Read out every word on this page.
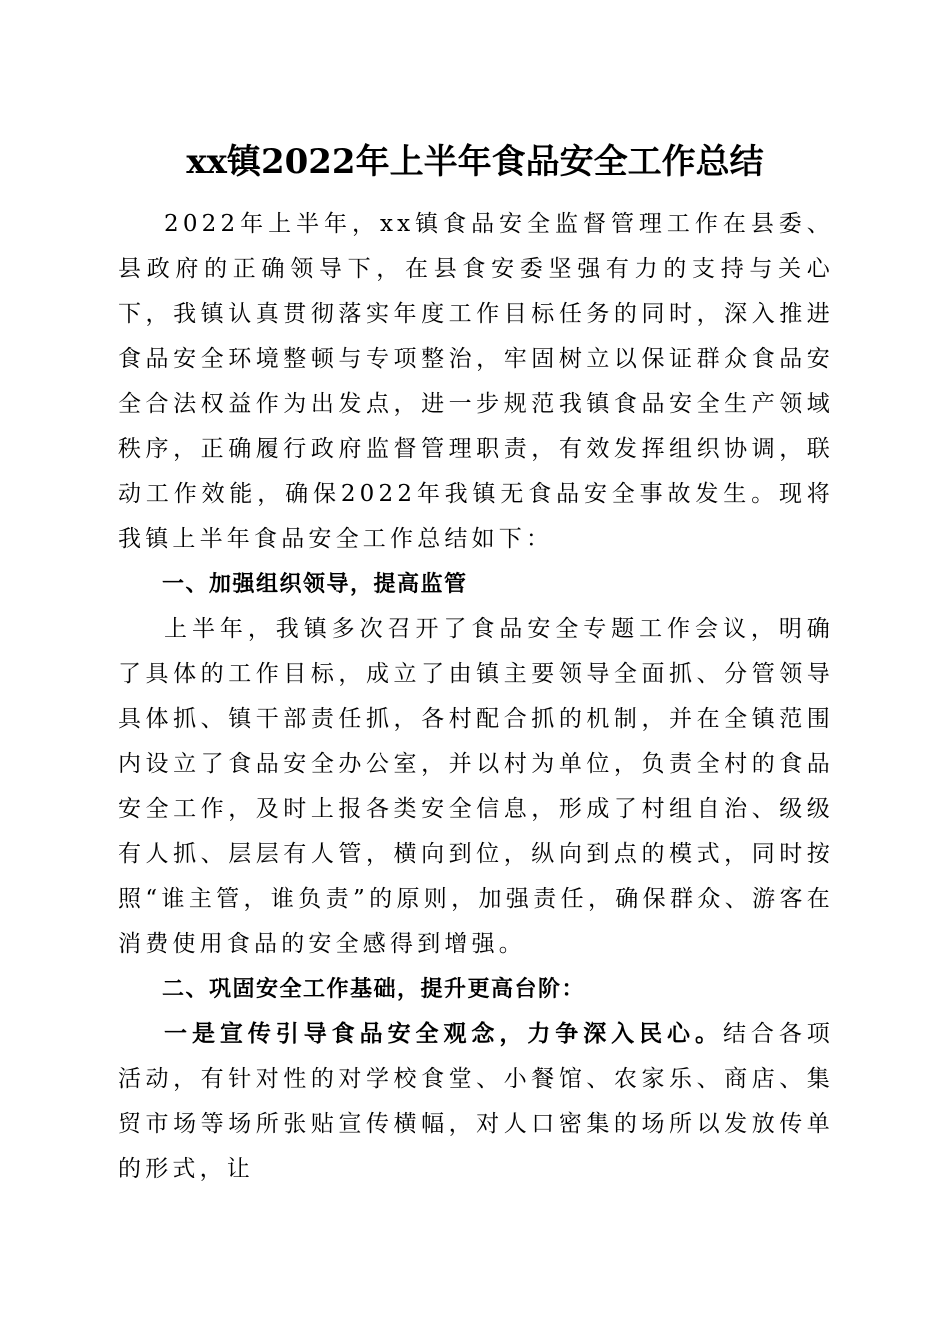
xx镇2022年上半年食品安全工作总结

2022年上半年，xx镇食品安全监督管理工作在县委、县政府的正确领导下，在县食安委坚强有力的支持与关心下，我镇认真贯彻落实年度工作目标任务的同时，深入推进食品安全环境整顿与专项整治，牢固树立以保证群众食品安全合法权益作为出发点，进一步规范我镇食品安全生产领域秩序，正确履行政府监督管理职责，有效发挥组织协调，联动工作效能，确保2022年我镇无食品安全事故发生。现将我镇上半年食品安全工作总结如下：

一、加强组织领导，提高监管

上半年，我镇多次召开了食品安全专题工作会议，明确了具体的工作目标，成立了由镇主要领导全面抓、分管领导具体抓、镇干部责任抓，各村配合抓的机制，并在全镇范围内设立了食品安全办公室，并以村为单位，负责全村的食品安全工作，及时上报各类安全信息，形成了村组自治、级级有人抓、层层有人管，横向到位，纵向到点的模式，同时按照“谁主管，谁负责”的原则，加强责任，确保群众、游客在消费使用食品的安全感得到增强。

二、巩固安全工作基础，提升更高台阶：

一是宣传引导食品安全观念，力争深入民心。结合各项活动，有针对性的对学校食堂、小餐馆、农家乐、商店、集贸市场等场所张贴宣传横幅，对人口密集的场所以发放传单的形式，让
